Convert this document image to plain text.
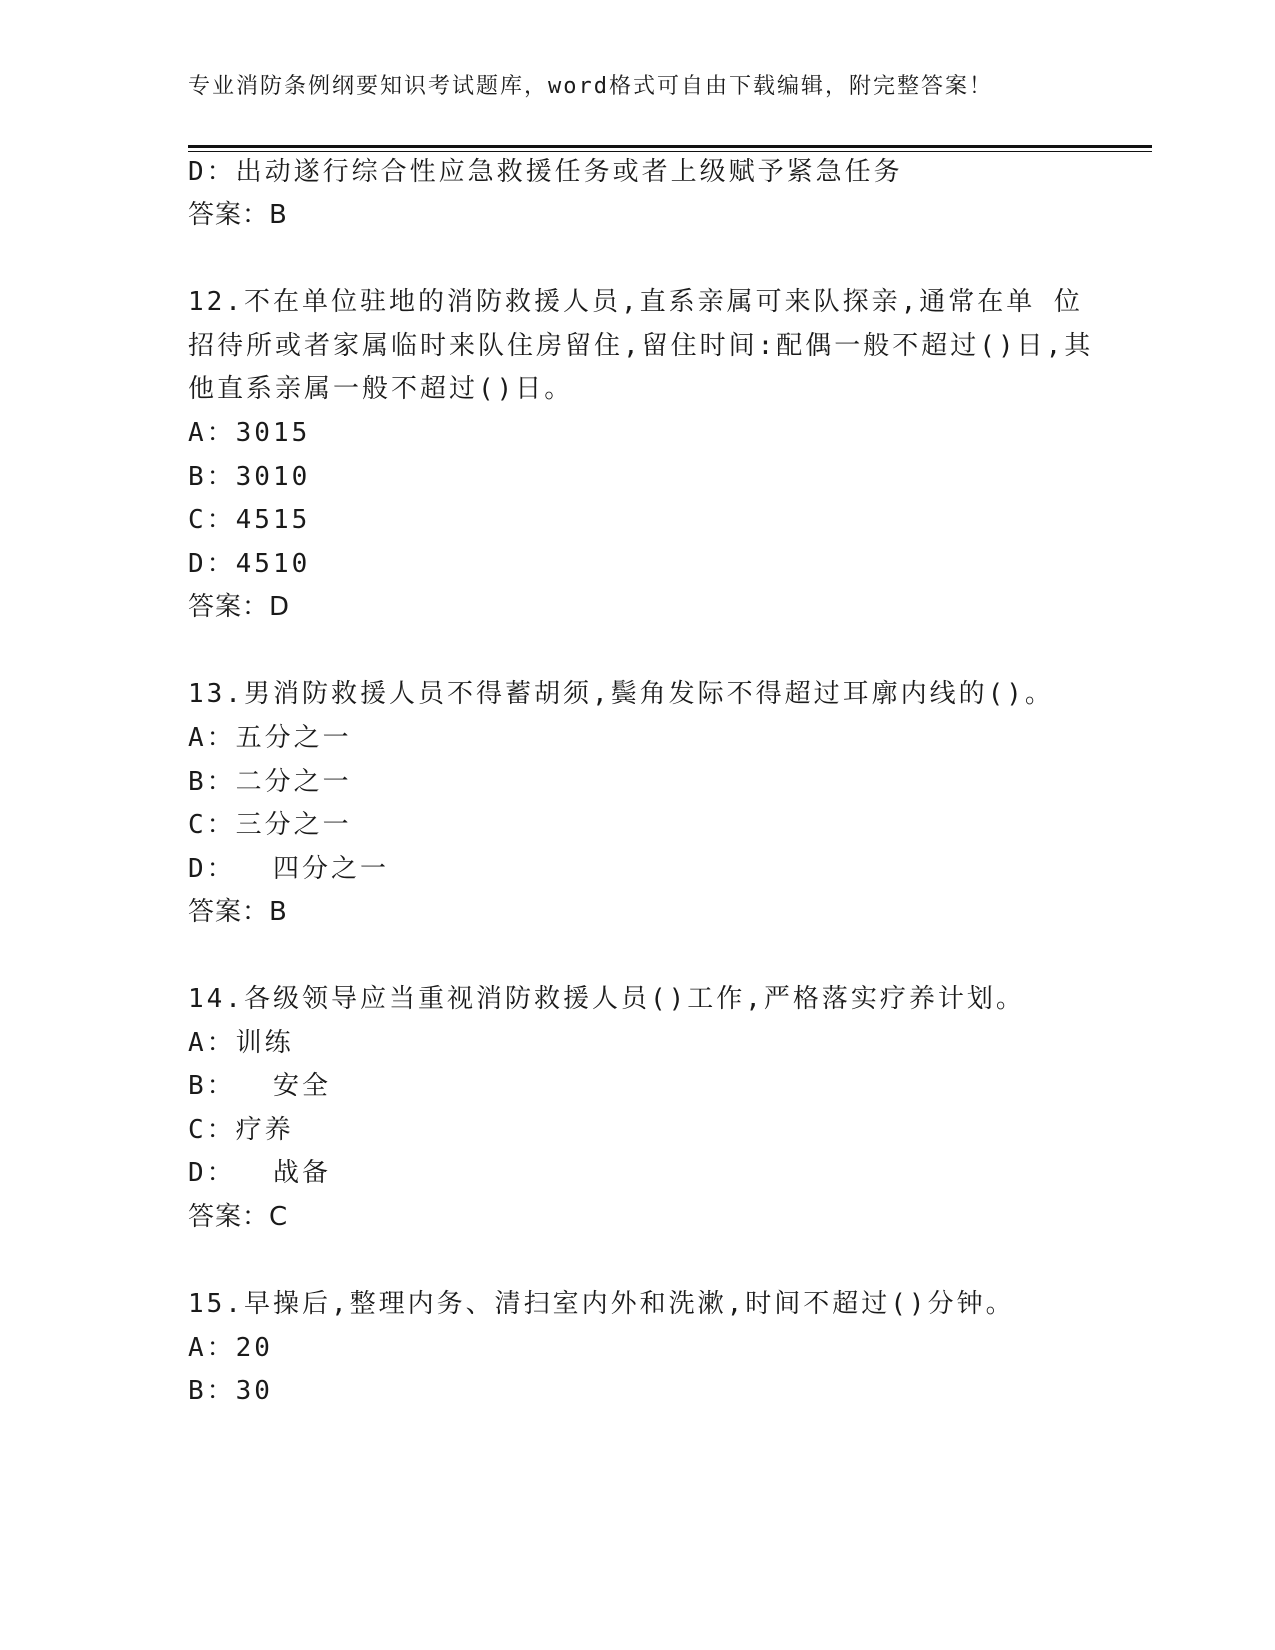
专业消防条例纲要知识考试题库，word格式可自由下载编辑，附完整答案！
D：出动遂行综合性应急救援任务或者上级赋予紧急任务
答案：B
12.不在单位驻地的消防救援人员,直系亲属可来队探亲,通常在单 位
招待所或者家属临时来队住房留住,留住时间:配偶一般不超过()日,其
他直系亲属一般不超过()日。
A：3015
B：3010
C：4515
D：4510
答案：D
13.男消防救援人员不得蓄胡须,鬓角发际不得超过耳廓内线的()。
A：五分之一
B：二分之一
C：三分之一
D：  四分之一
答案：B
14.各级领导应当重视消防救援人员()工作,严格落实疗养计划。
A：训练
B：  安全
C：疗养
D：  战备
答案：C
15.早操后,整理内务、清扫室内外和洗漱,时间不超过()分钟。
A：20
B：30
